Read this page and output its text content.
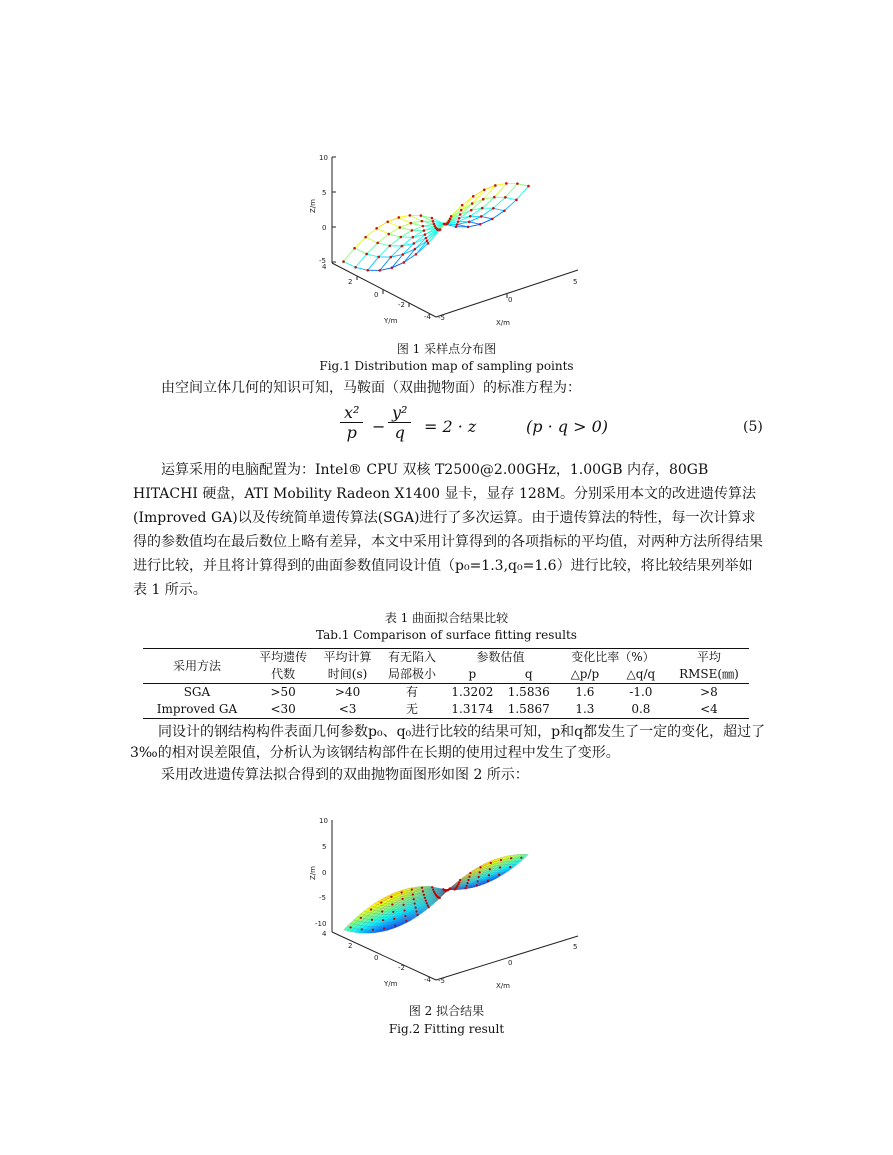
10
5
0
-5
4
2
0
-2
-4 -5
0
5
Y/m	X/m
Z/m
图 1 采样点分布图
Fig.1 Distribution map of sampling points

由空间立体几何的知识可知，马鞍面（双曲抛物面）的标准方程为：

$\frac{\text{x²}}{p} - \frac{\text{y²}}{q} = 2 \cdot z$	(p · q > 0)	(5)

运算采用的电脑配置为：Intel® CPU 双核 T2500@2.00GHz，1.00GB 内存，80GB HITACHI 硬盘，ATI Mobility Radeon X1400 显卡，显存 128M。分别采用本文的改进遗传算法(Improved GA)以及传统简单遗传算法(SGA)进行了多次运算。由于遗传算法的特性，每一次计算求得的参数值均在最后数位上略有差异，本文中采用计算得到的各项指标的平均值，对两种方法所得结果进行比较，并且将计算得到的曲面参数值同设计值（p₀=1.3,q₀=1.6）进行比较，将比较结果列举如表 1 所示。

表 1 曲面拟合结果比较
Tab.1 Comparison of surface fitting results
采用方法	平均遗传	平均计算	有无陷入	参数估值		变化比率（%）		平均
	代数	时间(s)	局部极小	p	q	△p/p	△q/q	RMSE(㎜)
SGA	>50	>40	有	1.3202	1.5836	1.6	-1.0	>8
Improved GA	<30	<3	无	1.3174	1.5867	1.3	0.8	<4

同设计的钢结构构件表面几何参数p₀、q₀进行比较的结果可知，p和q都发生了一定的变化，超过了3‰的相对误差限值，分析认为该钢结构部件在长期的使用过程中发生了变形。

采用改进遗传算法拟合得到的双曲抛物面图形如图 2 所示：

10
5
0
-5
-10
4
2
0
-2
-4 -5
0
5
Y/m	X/m
Z/m
图 2 拟合结果
Fig.2 Fitting result
